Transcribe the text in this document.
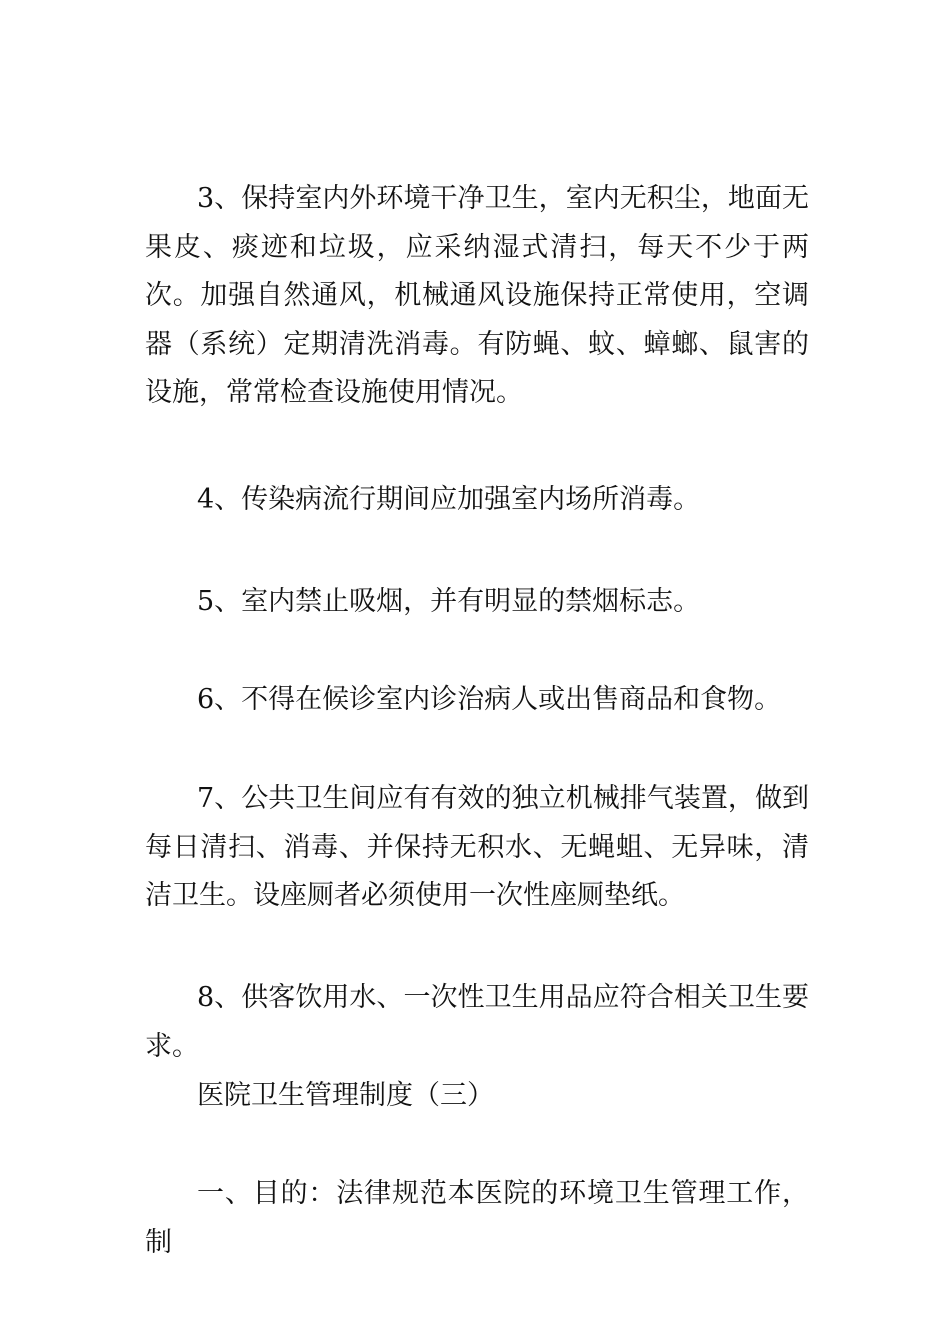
3、保持室内外环境干净卫生，室内无积尘，地面无果皮、痰迹和垃圾，应采纳湿式清扫，每天不少于两次。加强自然通风，机械通风设施保持正常使用，空调器（系统）定期清洗消毒。有防蝇、蚊、蟑螂、鼠害的设施，常常检查设施使用情况。

4、传染病流行期间应加强室内场所消毒。

5、室内禁止吸烟，并有明显的禁烟标志。

6、不得在候诊室内诊治病人或出售商品和食物。

7、公共卫生间应有有效的独立机械排气装置，做到每日清扫、消毒、并保持无积水、无蝇蛆、无异味，清洁卫生。设座厕者必须使用一次性座厕垫纸。

8、供客饮用水、一次性卫生用品应符合相关卫生要求。

医院卫生管理制度（三）

一、目的：法律规范本医院的环境卫生管理工作，制
